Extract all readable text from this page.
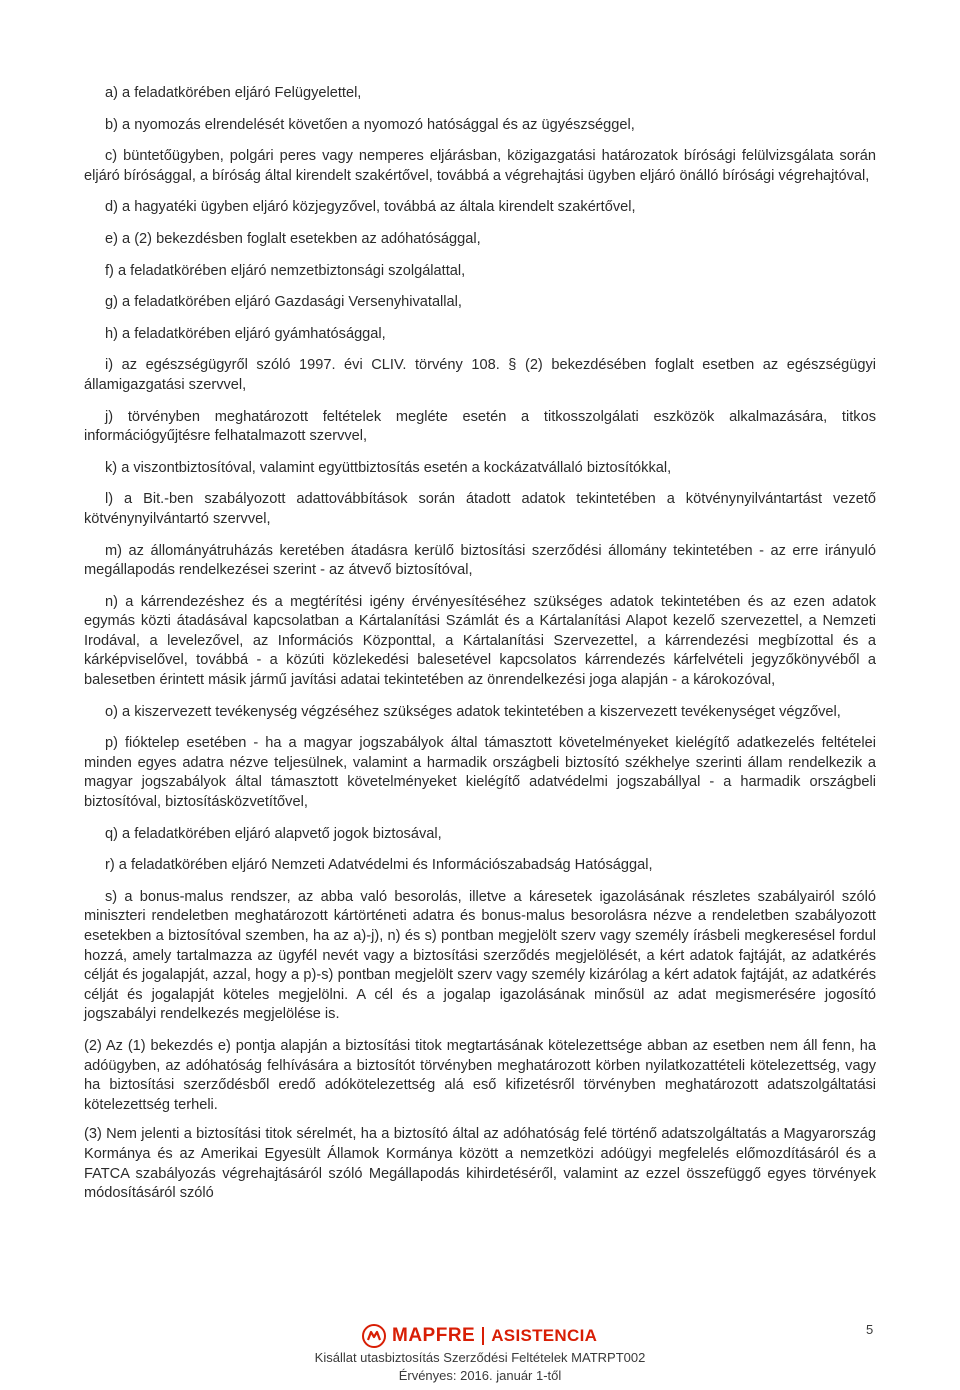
a) a feladatkörében eljáró Felügyelettel,

b) a nyomozás elrendelését követően a nyomozó hatósággal és az ügyészséggel,

c) büntetőügyben, polgári peres vagy nemperes eljárásban, közigazgatási határozatok bírósági felülvizsgálata során eljáró bírósággal, a bíróság által kirendelt szakértővel, továbbá a végrehajtási ügyben eljáró önálló bírósági végrehajtóval,

d) a hagyatéki ügyben eljáró közjegyzővel, továbbá az általa kirendelt szakértővel,

e) a (2) bekezdésben foglalt esetekben az adóhatósággal,

f) a feladatkörében eljáró nemzetbiztonsági szolgálattal,

g) a feladatkörében eljáró Gazdasági Versenyhivatallal,

h) a feladatkörében eljáró gyámhatósággal,

i) az egészségügyről szóló 1997. évi CLIV. törvény 108. § (2) bekezdésében foglalt esetben az egészségügyi államigazgatási szervvel,

j) törvényben meghatározott feltételek megléte esetén a titkosszolgálati eszközök alkalmazására, titkos információgyűjtésre felhatalmazott szervvel,

k) a viszontbiztosítóval, valamint együttbiztosítás esetén a kockázatvállaló biztosítókkal,

l) a Bit.-ben szabályozott adattovábbítások során átadott adatok tekintetében a kötvénynyilvántartást vezető kötvénynyilvántartó szervvel,

m) az állományátruházás keretében átadásra kerülő biztosítási szerződési állomány tekintetében - az erre irányuló megállapodás rendelkezései szerint - az átvevő biztosítóval,

n) a kárrendezéshez és a megtérítési igény érvényesítéséhez szükséges adatok tekintetében és az ezen adatok egymás közti átadásával kapcsolatban a Kártalanítási Számlát és a Kártalanítási Alapot kezelő szervezettel, a Nemzeti Irodával, a levelezővel, az Információs Központtal, a Kártalanítási Szervezettel, a kárrendezési megbízottal és a kárképviselővel, továbbá - a közúti közlekedési balesetével kapcsolatos kárrendezés kárfelvételi jegyzőkönyvéből a balesetben érintett másik jármű javítási adatai tekintetében az önrendelkezési joga alapján - a károkozóval,

o) a kiszervezett tevékenység végzéséhez szükséges adatok tekintetében a kiszervezett tevékenységet végzővel,

p) fióktelep esetében - ha a magyar jogszabályok által támasztott követelményeket kielégítő adatkezelés feltételei minden egyes adatra nézve teljesülnek, valamint a harmadik országbeli biztosító székhelye szerinti állam rendelkezik a magyar jogszabályok által támasztott követelményeket kielégítő adatvédelmi jogszabállyal - a harmadik országbeli biztosítóval, biztosításközvetítővel,

q) a feladatkörében eljáró alapvető jogok biztosával,

r) a feladatkörében eljáró Nemzeti Adatvédelmi és Információszabadság Hatósággal,

s) a bonus-malus rendszer, az abba való besorolás, illetve a káresetek igazolásának részletes szabályairól szóló miniszteri rendeletben meghatározott kártörténeti adatra és bonus-malus besorolásra nézve a rendeletben szabályozott esetekben a biztosítóval szemben, ha az a)-j), n) és s) pontban megjelölt szerv vagy személy írásbeli megkeresésel fordul hozzá, amely tartalmazza az ügyfél nevét vagy a biztosítási szerződés megjelölését, a kért adatok fajtáját, az adatkérés célját és jogalapját, azzal, hogy a p)-s) pontban megjelölt szerv vagy személy kizárólag a kért adatok fajtáját, az adatkérés célját és jogalapját köteles megjelölni. A cél és a jogalap igazolásának minősül az adat megismerésére jogosító jogszabályi rendelkezés megjelölése is.

(2) Az (1) bekezdés e) pontja alapján a biztosítási titok megtartásának kötelezettsége abban az esetben nem áll fenn, ha adóügyben, az adóhatóság felhívására a biztosítót törvényben meghatározott körben nyilatkozattételi kötelezettség, vagy ha biztosítási szerződésből eredő adókötelezettség alá eső kifizetésről törvényben meghatározott adatszolgáltatási kötelezettség terheli.

(3) Nem jelenti a biztosítási titok sérelmét, ha a biztosító által az adóhatóság felé történő adatszolgáltatás a Magyarország Kormánya és az Amerikai Egyesült Államok Kormánya között a nemzetközi adóügyi megfelelés előmozdításáról és a FATCA szabályozás végrehajtásáról szóló Megállapodás kihirdetéséről, valamint az ezzel összefüggő egyes törvények módosításáról szóló

MAPFRE ASISTENCIA	5
Kisállat utasbiztosítás Szerződési Feltételek MATRPT002
Érvényes: 2016. január 1-től
